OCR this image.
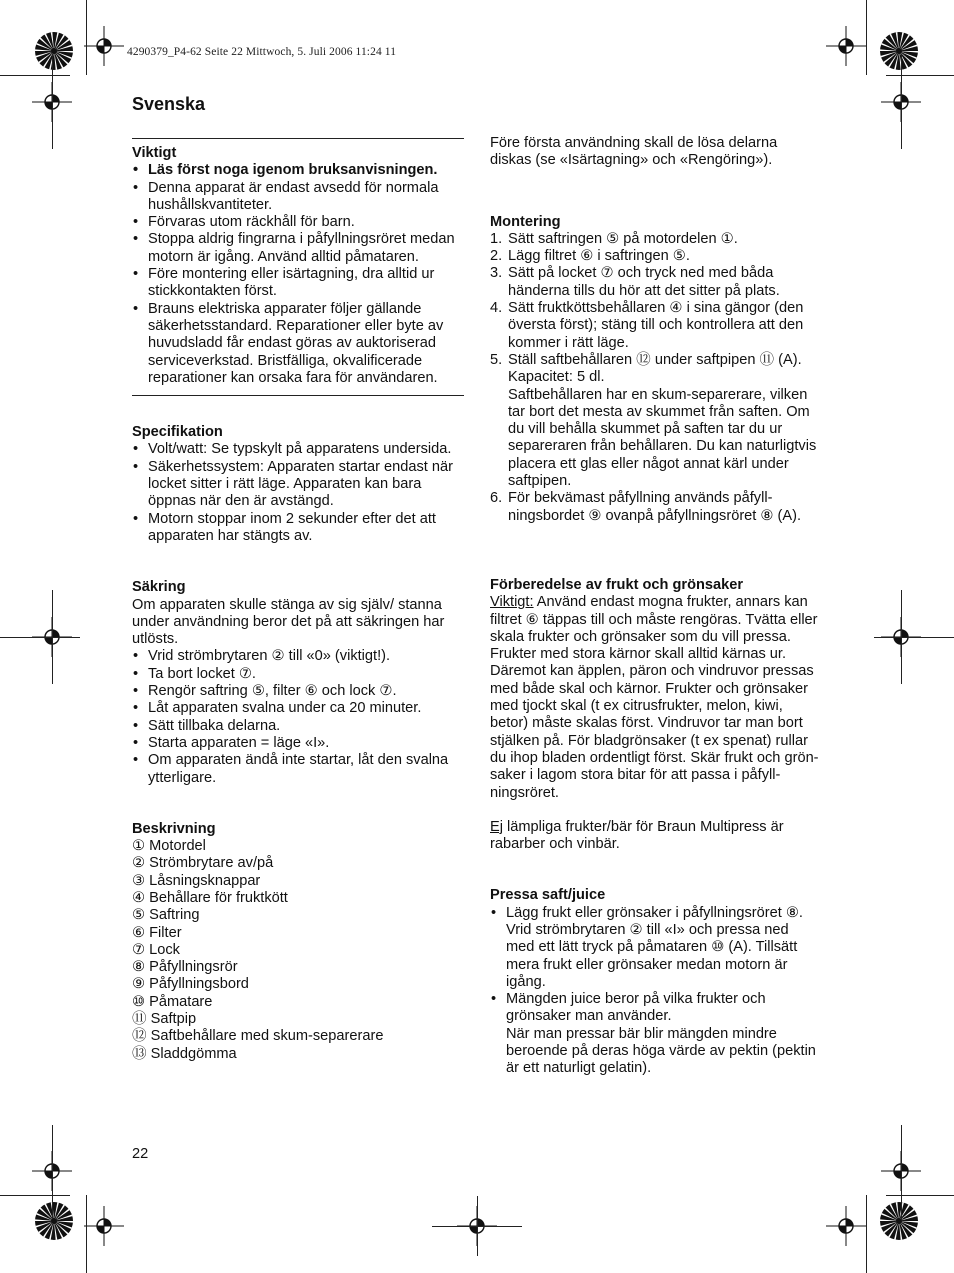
4290379_P4-62 Seite 22 Mittwoch, 5. Juli 2006 11:24 11
Svenska
Viktigt
• Läs först noga igenom bruksanvisningen.
• Denna apparat är endast avsedd för normala hushållskvantiteter.
• Förvaras utom räckhåll för barn.
• Stoppa aldrig fingrarna i påfyllningsröret medan motorn är igång. Använd alltid påmataren.
• Före montering eller isärtagning, dra alltid ur stickkontakten först.
• Brauns elektriska apparater följer gällande säkerhetsstandard. Reparationer eller byte av huvudsladd får endast göras av auktoriserad serviceverkstad. Bristfälliga, okvalificerade reparationer kan orsaka fara för användaren.
Specifikation
• Volt/watt: Se typskylt på apparatens undersida.
• Säkerhetssystem: Apparaten startar endast när locket sitter i rätt läge. Apparaten kan bara öppnas när den är avstängd.
• Motorn stoppar inom 2 sekunder efter det att apparaten har stängts av.
Säkring
Om apparaten skulle stänga av sig själv/ stanna under användning beror det på att säkringen har utlösts.
• Vrid strömbrytaren ② till «0» (viktigt!).
• Ta bort locket ⑦.
• Rengör saftring ⑤, filter ⑥ och lock ⑦.
• Låt apparaten svalna under ca 20 minuter.
• Sätt tillbaka delarna.
• Starta apparaten = läge «I».
• Om apparaten ändå inte startar, låt den svalna ytterligare.
Beskrivning
① Motordel
② Strömbrytare av/på
③ Låsningsknappar
④ Behållare för fruktkött
⑤ Saftring
⑥ Filter
⑦ Lock
⑧ Påfyllningsrör
⑨ Påfyllningsbord
⑩ Påmatare
⑪ Saftpip
⑫ Saftbehållare med skum-separerare
⑬ Sladdgömma
Före första användning skall de lösa delarna diskas (se «Isärtagning» och «Rengöring»).
Montering
1. Sätt saftringen ⑤ på motordelen ①.
2. Lägg filtret ⑥ i saftringen ⑤.
3. Sätt på locket ⑦ och tryck ned med båda händerna tills du hör att det sitter på plats.
4. Sätt fruktköttsbehållaren ④ i sina gängor (den översta först); stäng till och kontrollera att den kommer i rätt läge.
5. Ställ saftbehållaren ⑫ under saftpipen ⑪ (A).
Kapacitet: 5 dl.
Saftbehållaren har en skum-separerare, vilken tar bort det mesta av skummet från saften. Om du vill behålla skummet på saften tar du ur separeraren från behållaren. Du kan naturligtvis placera ett glas eller något annat kärl under saftpipen.
6. För bekvämast påfyllning används påfyll-ningsbordet ⑨ ovanpå påfyllningsröret ⑧ (A).
Förberedelse av frukt och grönsaker
Viktigt: Använd endast mogna frukter, annars kan filtret ⑥ täppas till och måste rengöras. Tvätta eller skala frukter och grönsaker som du vill pressa. Frukter med stora kärnor skall alltid kärnas ur. Däremot kan äpplen, päron och vindruvor pressas med både skal och kärnor. Frukter och grönsaker med tjockt skal (t ex citrusfrukter, melon, kiwi, betor) måste skalas först. Vindruvor tar man bort stjälken på. För bladgrönsaker (t ex spenat) rullar du ihop bladen ordentligt först. Skär frukt och grön-saker i lagom stora bitar för att passa i påfyll-ningsröret.
Ej lämpliga frukter/bär för Braun Multipress är rabarber och vinbär.
Pressa saft/juice
• Lägg frukt eller grönsaker i påfyllningsröret ⑧. Vrid strömbrytaren ② till «I» och pressa ned med ett lätt tryck på påmataren ⑩ (A). Tillsätt mera frukt eller grönsaker medan motorn är igång.
• Mängden juice beror på vilka frukter och grönsaker man använder.
När man pressar bär blir mängden mindre beroende på deras höga värde av pektin (pektin är ett naturligt gelatin).
22
